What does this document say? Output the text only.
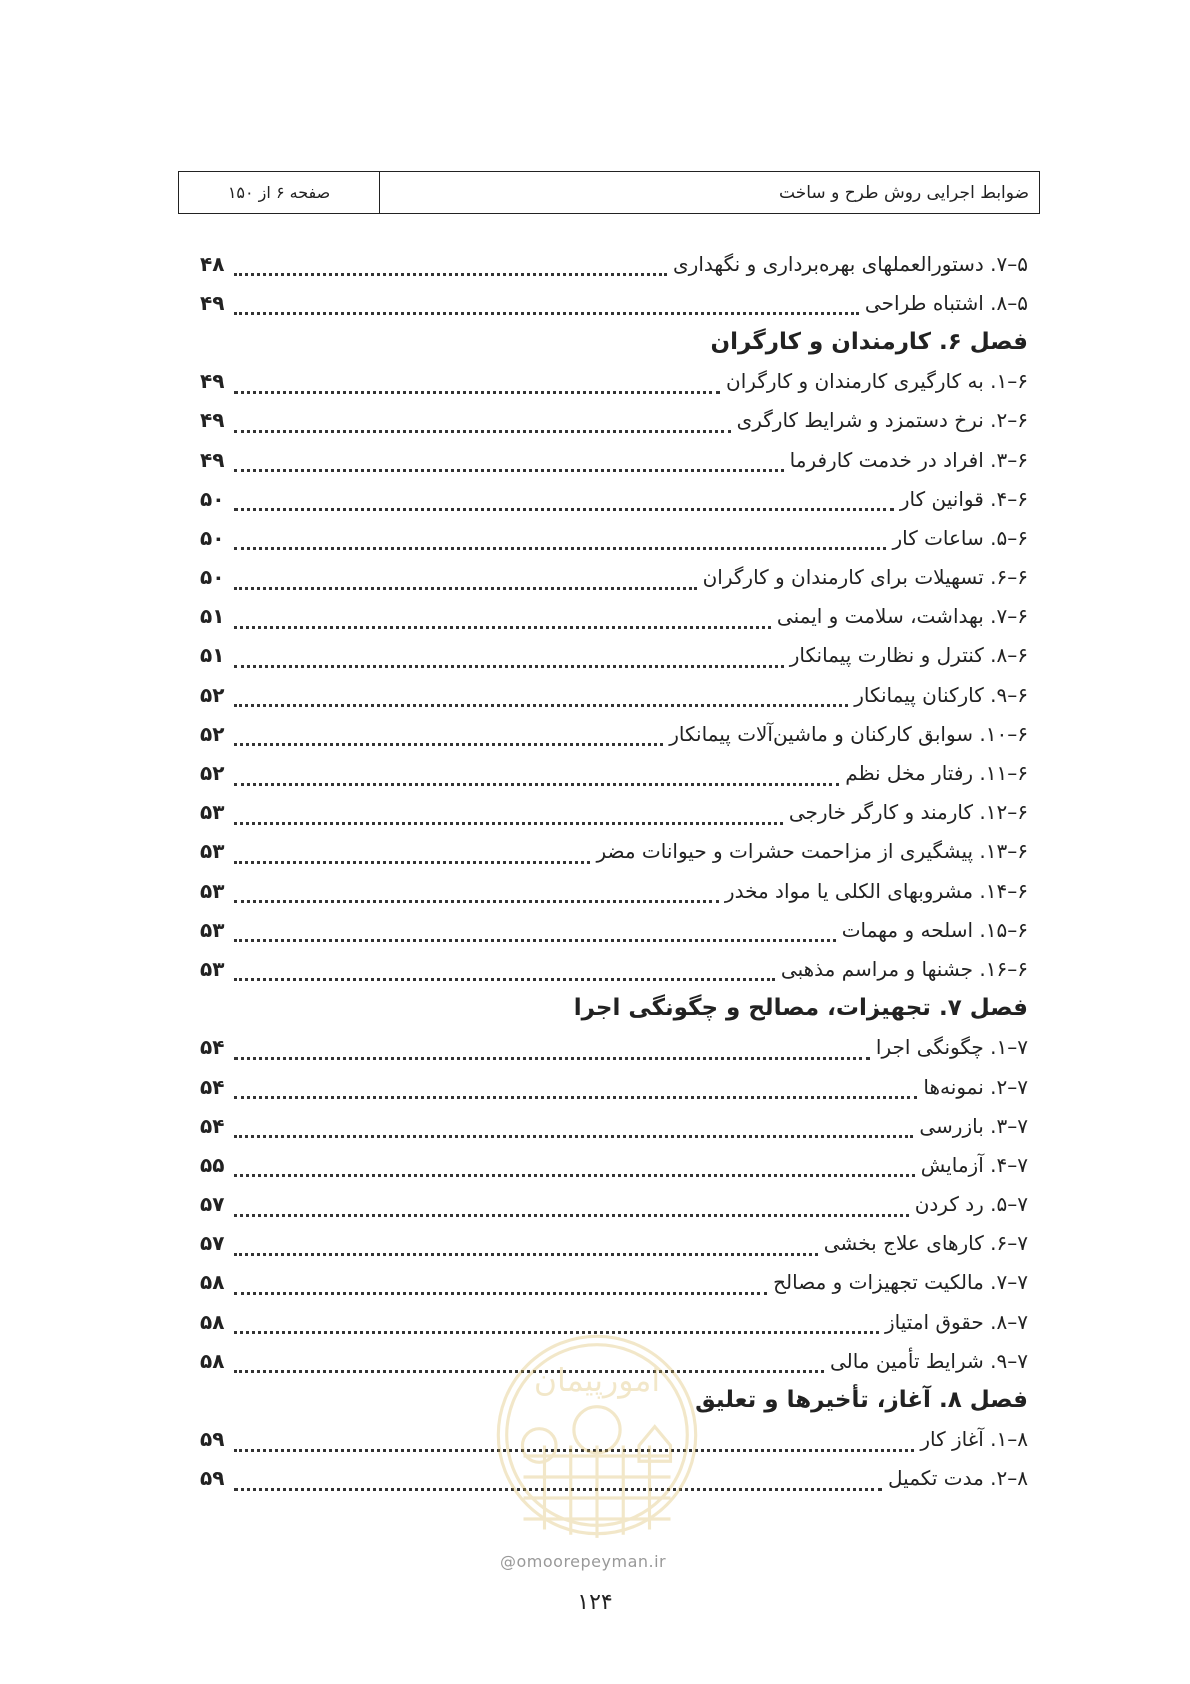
ضوابط اجرایی روش طرح و ساخت
صفحه ۶ از ۱۵۰
۵–۷. دستورالعملهای بهره‌برداری و نگهداری
۴۸
۵–۸. اشتباه طراحی
۴۹
فصل ۶. کارمندان و کارگران
۶–۱. به کارگیری کارمندان و کارگران
۴۹
۶–۲. نرخ دستمزد و شرایط کارگری
۴۹
۶–۳. افراد در خدمت کارفرما
۴۹
۶–۴. قوانین کار
۵۰
۶–۵. ساعات کار
۵۰
۶–۶. تسهیلات برای کارمندان و کارگران
۵۰
۶–۷. بهداشت، سلامت و ایمنی
۵۱
۶–۸. کنترل و نظارت پیمانکار
۵۱
۶–۹. کارکنان پیمانکار
۵۲
۶–۱۰. سوابق کارکنان و ماشین‌آلات پیمانکار
۵۲
۶–۱۱. رفتار مخل نظم
۵۲
۶–۱۲. کارمند و کارگر خارجی
۵۳
۶–۱۳. پیشگیری از مزاحمت حشرات و حیوانات مضر
۵۳
۶–۱۴. مشروبهای الکلی یا مواد مخدر
۵۳
۶–۱۵. اسلحه و مهمات
۵۳
۶–۱۶. جشنها و مراسم مذهبی
۵۳
فصل ۷. تجهیزات، مصالح و چگونگی اجرا
۷–۱. چگونگی اجرا
۵۴
۷–۲. نمونه‌ها
۵۴
۷–۳. بازرسی
۵۴
۷–۴. آزمایش
۵۵
۷–۵. رد کردن
۵۷
۷–۶. کارهای علاج بخشی
۵۷
۷–۷. مالکیت تجهیزات و مصالح
۵۸
۷–۸. حقوق امتیاز
۵۸
۷–۹. شرایط تأمین مالی
۵۸
فصل ۸. آغاز، تأخیرها و تعلیق
۸–۱. آغاز کار
۵۹
۸–۲. مدت تکمیل
۵۹
امورپیمان
@omoorepeyman.ir
۱۲۴
